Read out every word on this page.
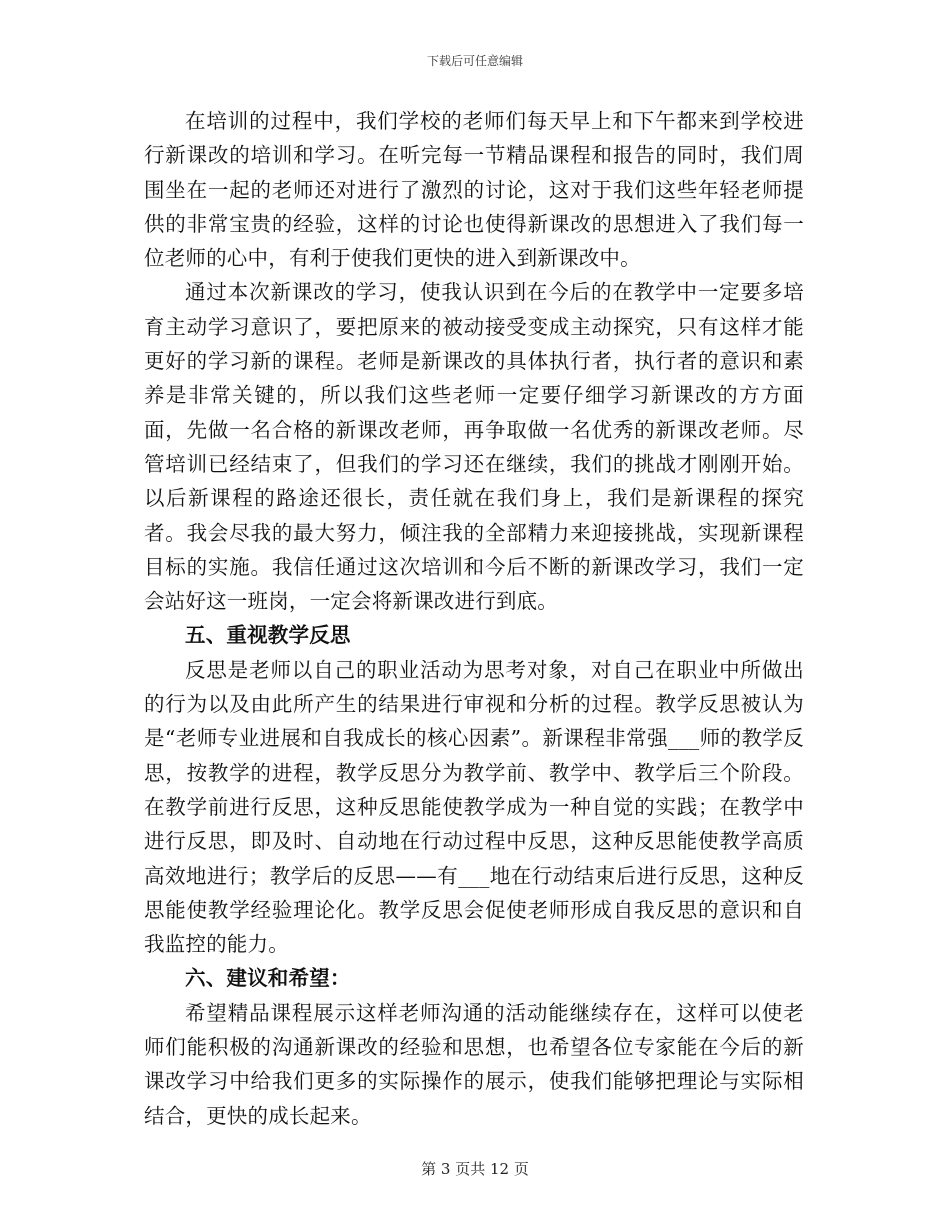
下载后可任意编辑

在培训的过程中，我们学校的老师们每天早上和下午都来到学校进行新课改的培训和学习。在听完每一节精品课程和报告的同时，我们周围坐在一起的老师还对进行了激烈的讨论，这对于我们这些年轻老师提供的非常宝贵的经验，这样的讨论也使得新课改的思想进入了我们每一位老师的心中，有利于使我们更快的进入到新课改中。

通过本次新课改的学习，使我认识到在今后的在教学中一定要多培育主动学习意识了，要把原来的被动接受变成主动探究，只有这样才能更好的学习新的课程。老师是新课改的具体执行者，执行者的意识和素养是非常关键的，所以我们这些老师一定要仔细学习新课改的方方面面，先做一名合格的新课改老师，再争取做一名优秀的新课改老师。尽管培训已经结束了，但我们的学习还在继续，我们的挑战才刚刚开始。以后新课程的路途还很长，责任就在我们身上，我们是新课程的探究者。我会尽我的最大努力，倾注我的全部精力来迎接挑战，实现新课程目标的实施。我信任通过这次培训和今后不断的新课改学习，我们一定会站好这一班岗，一定会将新课改进行到底。

五、重视教学反思

反思是老师以自己的职业活动为思考对象，对自己在职业中所做出的行为以及由此所产生的结果进行审视和分析的过程。教学反思被认为是“老师专业进展和自我成长的核心因素”。新课程非常强___师的教学反思，按教学的进程，教学反思分为教学前、教学中、教学后三个阶段。在教学前进行反思，这种反思能使教学成为一种自觉的实践；在教学中进行反思，即及时、自动地在行动过程中反思，这种反思能使教学高质高效地进行；教学后的反思——有___地在行动结束后进行反思，这种反思能使教学经验理论化。教学反思会促使老师形成自我反思的意识和自我监控的能力。

六、建议和希望：

希望精品课程展示这样老师沟通的活动能继续存在，这样可以使老师们能积极的沟通新课改的经验和思想，也希望各位专家能在今后的新课改学习中给我们更多的实际操作的展示，使我们能够把理论与实际相结合，更快的成长起来。

第 3 页共 12 页
